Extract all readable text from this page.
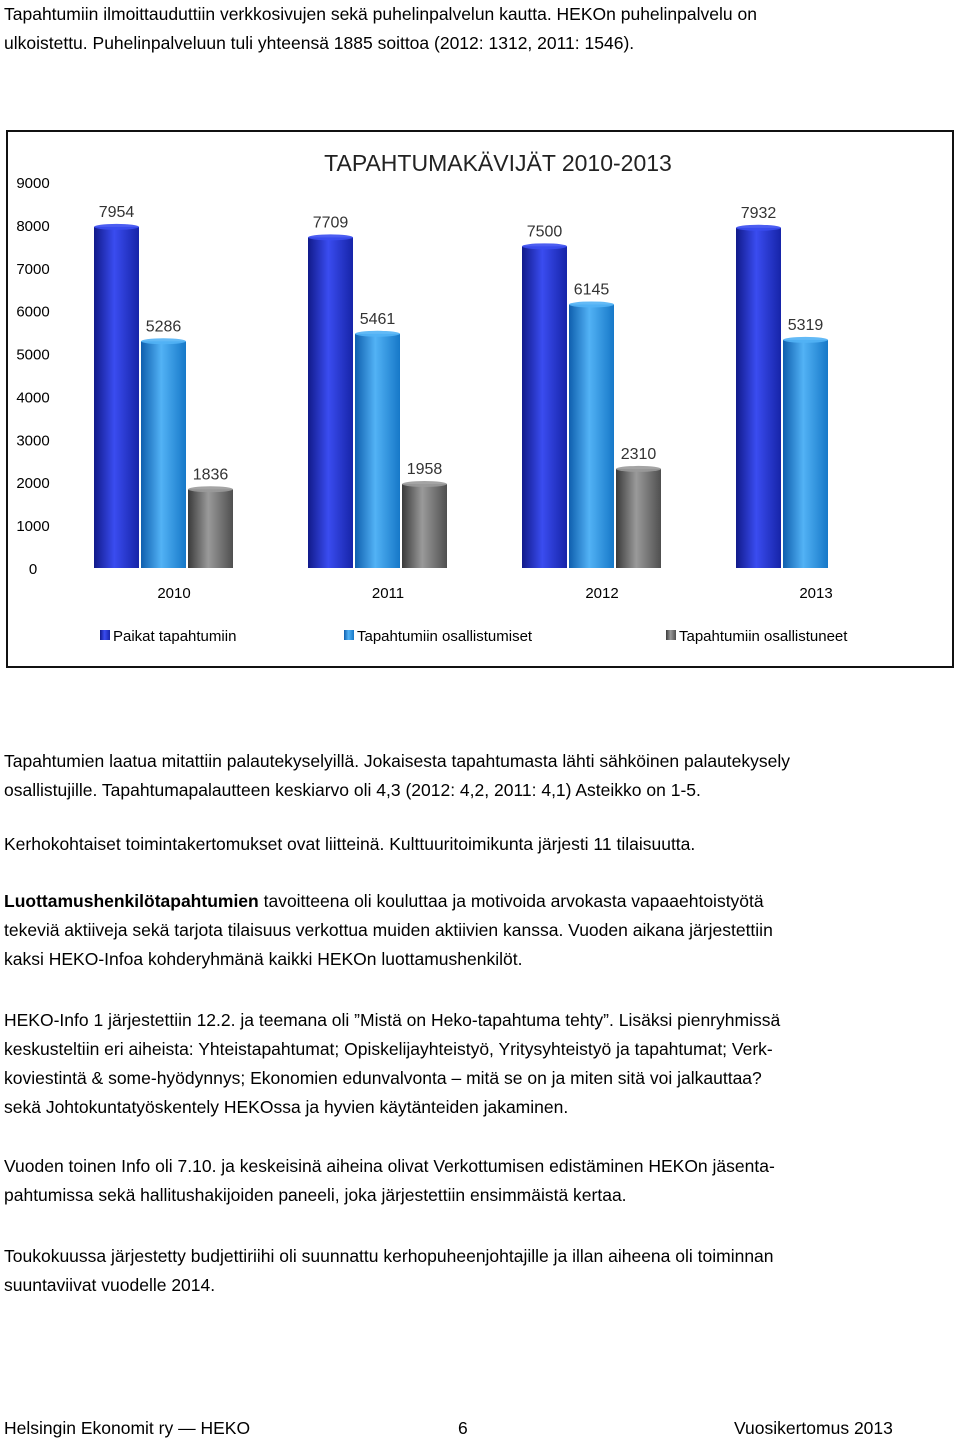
Tapahtumiin ilmoittauduttiin verkkosivujen sekä puhelinpalvelun kautta. HEKOn puhelinpalvelu on

ulkoistettu. Puhelinpalveluun tuli yhteensä 1885 soittoa (2012: 1312, 2011: 1546).

TAPAHTUMAKÄVIJÄT 2010-2013
0
1000
2000
3000
4000
5000
6000
7000
8000
9000
7954
7709
7500
7932
5286	5461
6145
5319
1836	1958
2310
2010	2011	2012	2013
Paikat tapahtumiin	Tapahtumiin osallistumiset	Tapahtumiin osallistuneet

Tapahtumien laatua mitattiin palautekyselyillä. Jokaisesta tapahtumasta lähti sähköinen palautekysely

osallistujille. Tapahtumapalautteen keskiarvo oli 4,3 (2012: 4,2, 2011: 4,1) Asteikko on 1-5.

Kerhokohtaiset toimintakertomukset ovat liitteinä. Kulttuuritoimikunta järjesti 11 tilaisuutta.

Luottamushenkilötapahtumien tavoitteena oli kouluttaa ja motivoida arvokasta vapaaehtoistyötä

tekeviä aktiiveja sekä tarjota tilaisuus verkottua muiden aktiivien kanssa. Vuoden aikana järjestettiin

kaksi HEKO-Infoa kohderyhmänä kaikki HEKOn luottamushenkilöt.

HEKO-Info 1 järjestettiin 12.2. ja teemana oli ”Mistä on Heko-tapahtuma tehty”. Lisäksi pienryhmissä

keskusteltiin eri aiheista: Yhteistapahtumat; Opiskelijayhteistyö, Yritysyhteistyö ja tapahtumat; Verk-

koviestintä & some-hyödynnys; Ekonomien edunvalvonta – mitä se on ja miten sitä voi jalkauttaa?

sekä Johtokuntatyöskentely HEKOssa ja hyvien käytänteiden jakaminen.

Vuoden toinen Info oli 7.10. ja keskeisinä aiheina olivat Verkottumisen edistäminen HEKOn jäsenta-

pahtumissa sekä hallitushakijoiden paneeli, joka järjestettiin ensimmäistä kertaa.

Toukokuussa järjestetty budjettiriihi oli suunnattu kerhopuheenjohtajille ja illan aiheena oli toiminnan

suuntaviivat vuodelle 2014.

Helsingin Ekonomit ry — HEKO	6	Vuosikertomus 2013
